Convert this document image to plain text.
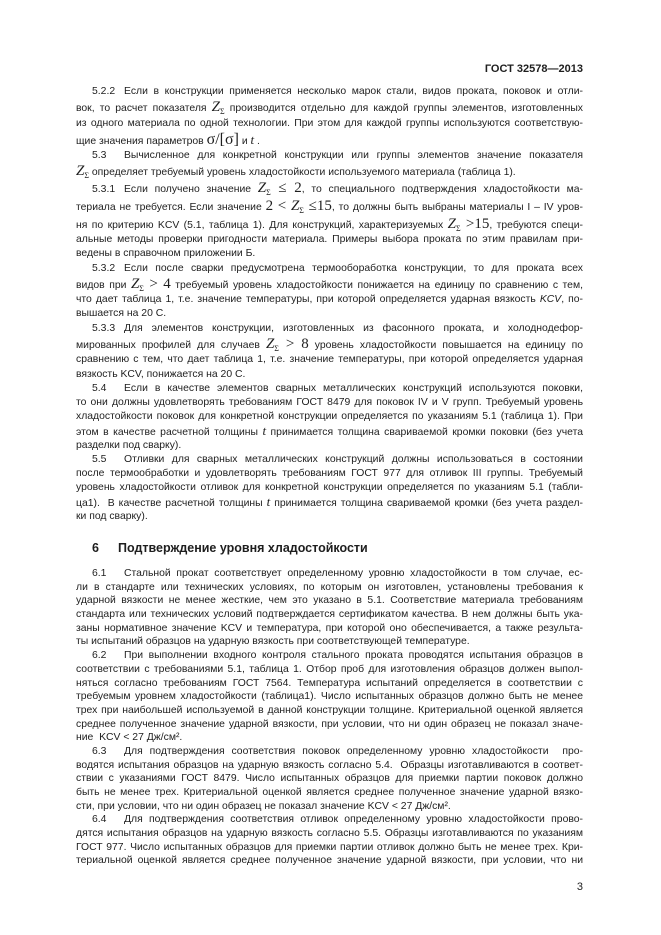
ГОСТ 32578—2013
5.2.2 Если в конструкции применяется несколько марок стали, видов проката, поковок и отли-
вок, то расчет показателя $Z_\Sigma$ производится отдельно для каждой группы элементов, изготовленных
из одного материала по одной технологии. При этом для каждой группы используются соответствую-
щие значения параметров σ/[σ] и t .
5.3 Вычисленное для конкретной конструкции или группы элементов значение показателя
$Z_\Sigma$ определяет требуемый уровень хладостойкости используемого материала (таблица 1).
5.3.1 Если получено значение $Z_\Sigma \le 2$, то специального подтверждения хладостойкости ма-
териала не требуется. Если значение $2 < Z_\Sigma \le 15$, то должны быть выбраны материалы I – IV уров-
ня по критерию KCV (5.1, таблица 1). Для конструкций, характеризуемых $Z_\Sigma >15$, требуются специ-
альные методы проверки пригодности материала. Примеры выбора проката по этим правилам при-
ведены в справочном приложении Б.
5.3.2 Если после сварки предусмотрена термообоработка конструкции, то для проката всех
видов при $Z_\Sigma > 4$ требуемый уровень хладостойкости понижается на единицу по сравнению с тем,
что дает таблица 1, т.е. значение температуры, при которой определяется ударная вязкость KCV, по-
вышается на 20 С.
5.3.3 Для элементов конструкции, изготовленных из фасонного проката, и холоднодефор-
мированных профилей для случаев $Z_\Sigma > 8$ уровень хладостойкости повышается на единицу по
сравнению с тем, что дает таблица 1, т.е. значение температуры, при которой определяется ударная
вязкость KCV, понижается на 20 С.
5.4 Если в качестве элементов сварных металлических конструкций используются поковки,
то они должны удовлетворять требованиям ГОСТ 8479 для поковок IV и V групп. Требуемый уровень
хладостойкости поковок для конкретной конструкции определяется по указаниям 5.1 (таблица 1). При
этом в качестве расчетной толщины t принимается толщина свариваемой кромки поковки (без учета
разделки под сварку).
5.5 Отливки для сварных металлических конструкций должны использоваться в состоянии
после термообработки и удовлетворять требованиям ГОСТ 977 для отливок III группы. Требуемый
уровень хладостойкости отливок для конкретной конструкции определяется по указаниям 5.1 (табли-
ца1).  В качестве расчетной толщины t принимается толщина свариваемой кромки (без учета раздел-
ки под сварку).
6 Подтверждение уровня хладостойкости
6.1 Стальной прокат соответствует определенному уровню хладостойкости в том случае, ес-
ли в стандарте или технических условиях, по которым он изготовлен, установлены требования к
ударной вязкости не менее жесткие, чем это указано в 5.1. Соответствие материала требованиям
стандарта или технических условий подтверждается сертификатом качества. В нем должны быть ука-
заны нормативное значение KCV и температура, при которой оно обеспечивается, а также результа-
ты испытаний образцов на ударную вязкость при соответствующей температуре.
6.2 При выполнении входного контроля стального проката проводятся испытания образцов в
соответствии с требованиями 5.1, таблица 1. Отбор проб для изготовления образцов должен выпол-
няться согласно требованиям ГОСТ 7564. Температура испытаний определяется в соответствии с
требуемым уровнем хладостойкости (таблица1). Число испытанных образцов должно быть не менее
трех при наибольшей используемой в данной конструкции толщине. Критериальной оценкой является
среднее полученное значение ударной вязкости, при условии, что ни один образец не показал значе-
ние  KCV < 27 Дж/см².
6.3 Для подтверждения соответствия поковок определенному уровню хладостойкости  про-
водятся испытания образцов на ударную вязкость согласно 5.4.  Образцы изготавливаются в соответ-
ствии с указаниями ГОСТ 8479. Число испытанных образцов для приемки партии поковок должно
быть не менее трех. Критериальной оценкой является среднее полученное значение ударной вязко-
сти, при условии, что ни один образец не показал значение KCV < 27 Дж/см².
6.4 Для подтверждения соответствия отливок определенному уровню хладостойкости прово-
дятся испытания образцов на ударную вязкость согласно 5.5. Образцы изготавливаются по указаниям
ГОСТ 977. Число испытанных образцов для приемки партии отливок должно быть не менее трех. Кри-
териальной оценкой является среднее полученное значение ударной вязкости, при условии, что ни
3
